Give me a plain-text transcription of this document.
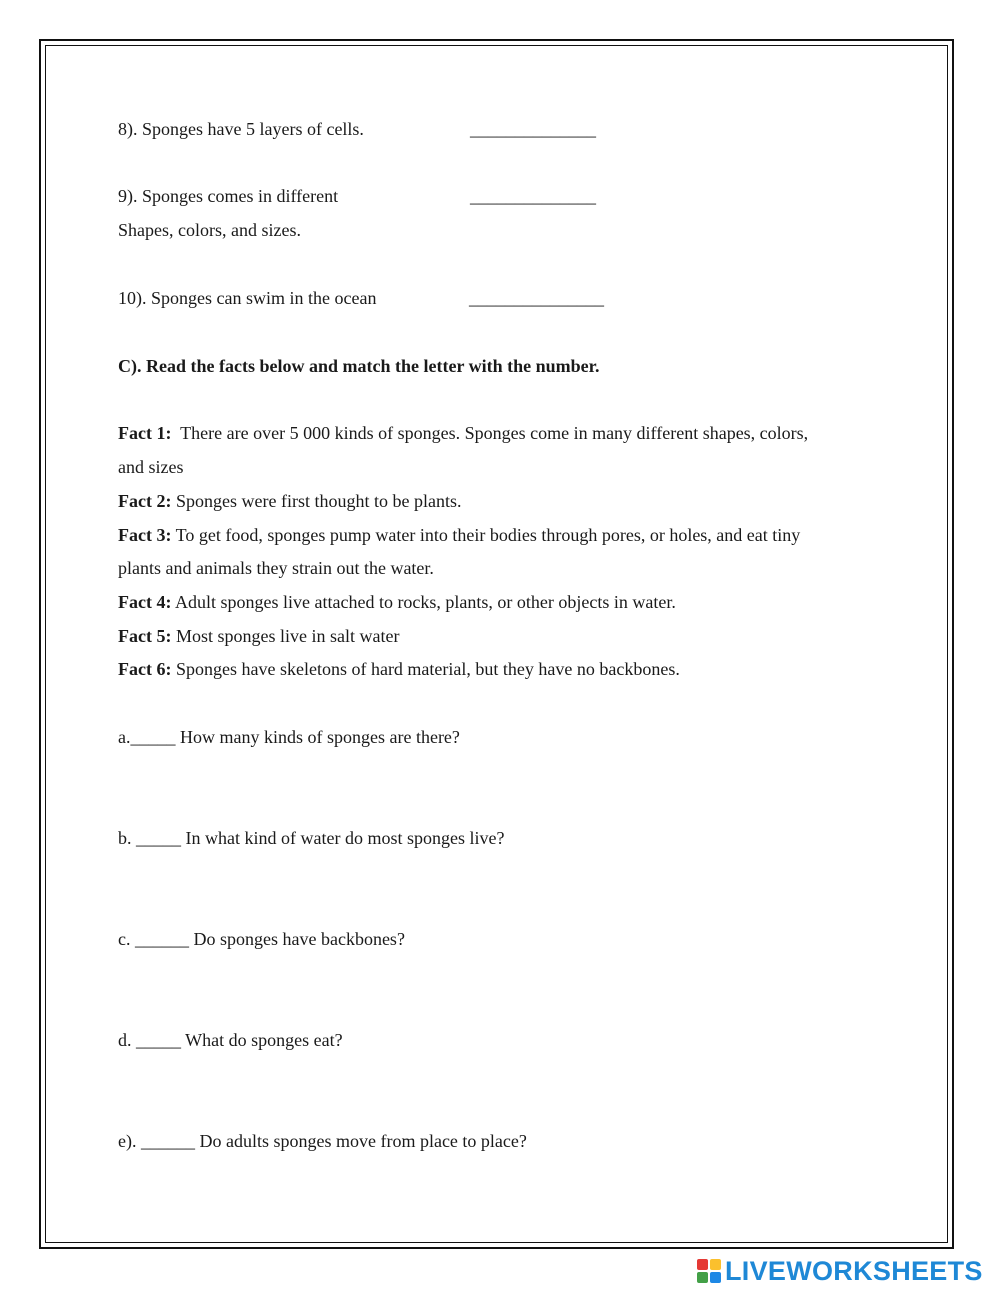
8). Sponges have 5 layers of cells.	______________
9). Sponges comes in different	______________
Shapes, colors, and sizes.
10). Sponges can swim in the ocean	_______________
C). Read the facts below and match the letter with the number.
Fact 1:  There are over 5 000 kinds of sponges. Sponges come in many different shapes, colors,
and sizes
Fact 2: Sponges were first thought to be plants.
Fact 3: To get food, sponges pump water into their bodies through pores, or holes, and eat tiny
plants and animals they strain out the water.
Fact 4: Adult sponges live attached to rocks, plants, or other objects in water.
Fact 5: Most sponges live in salt water
Fact 6: Sponges have skeletons of hard material, but they have no backbones.
a._____ How many kinds of sponges are there?
b. _____ In what kind of water do most sponges live?
c. ______ Do sponges have backbones?
d. _____ What do sponges eat?
e). ______ Do adults sponges move from place to place?
LIVEWORKSHEETS
